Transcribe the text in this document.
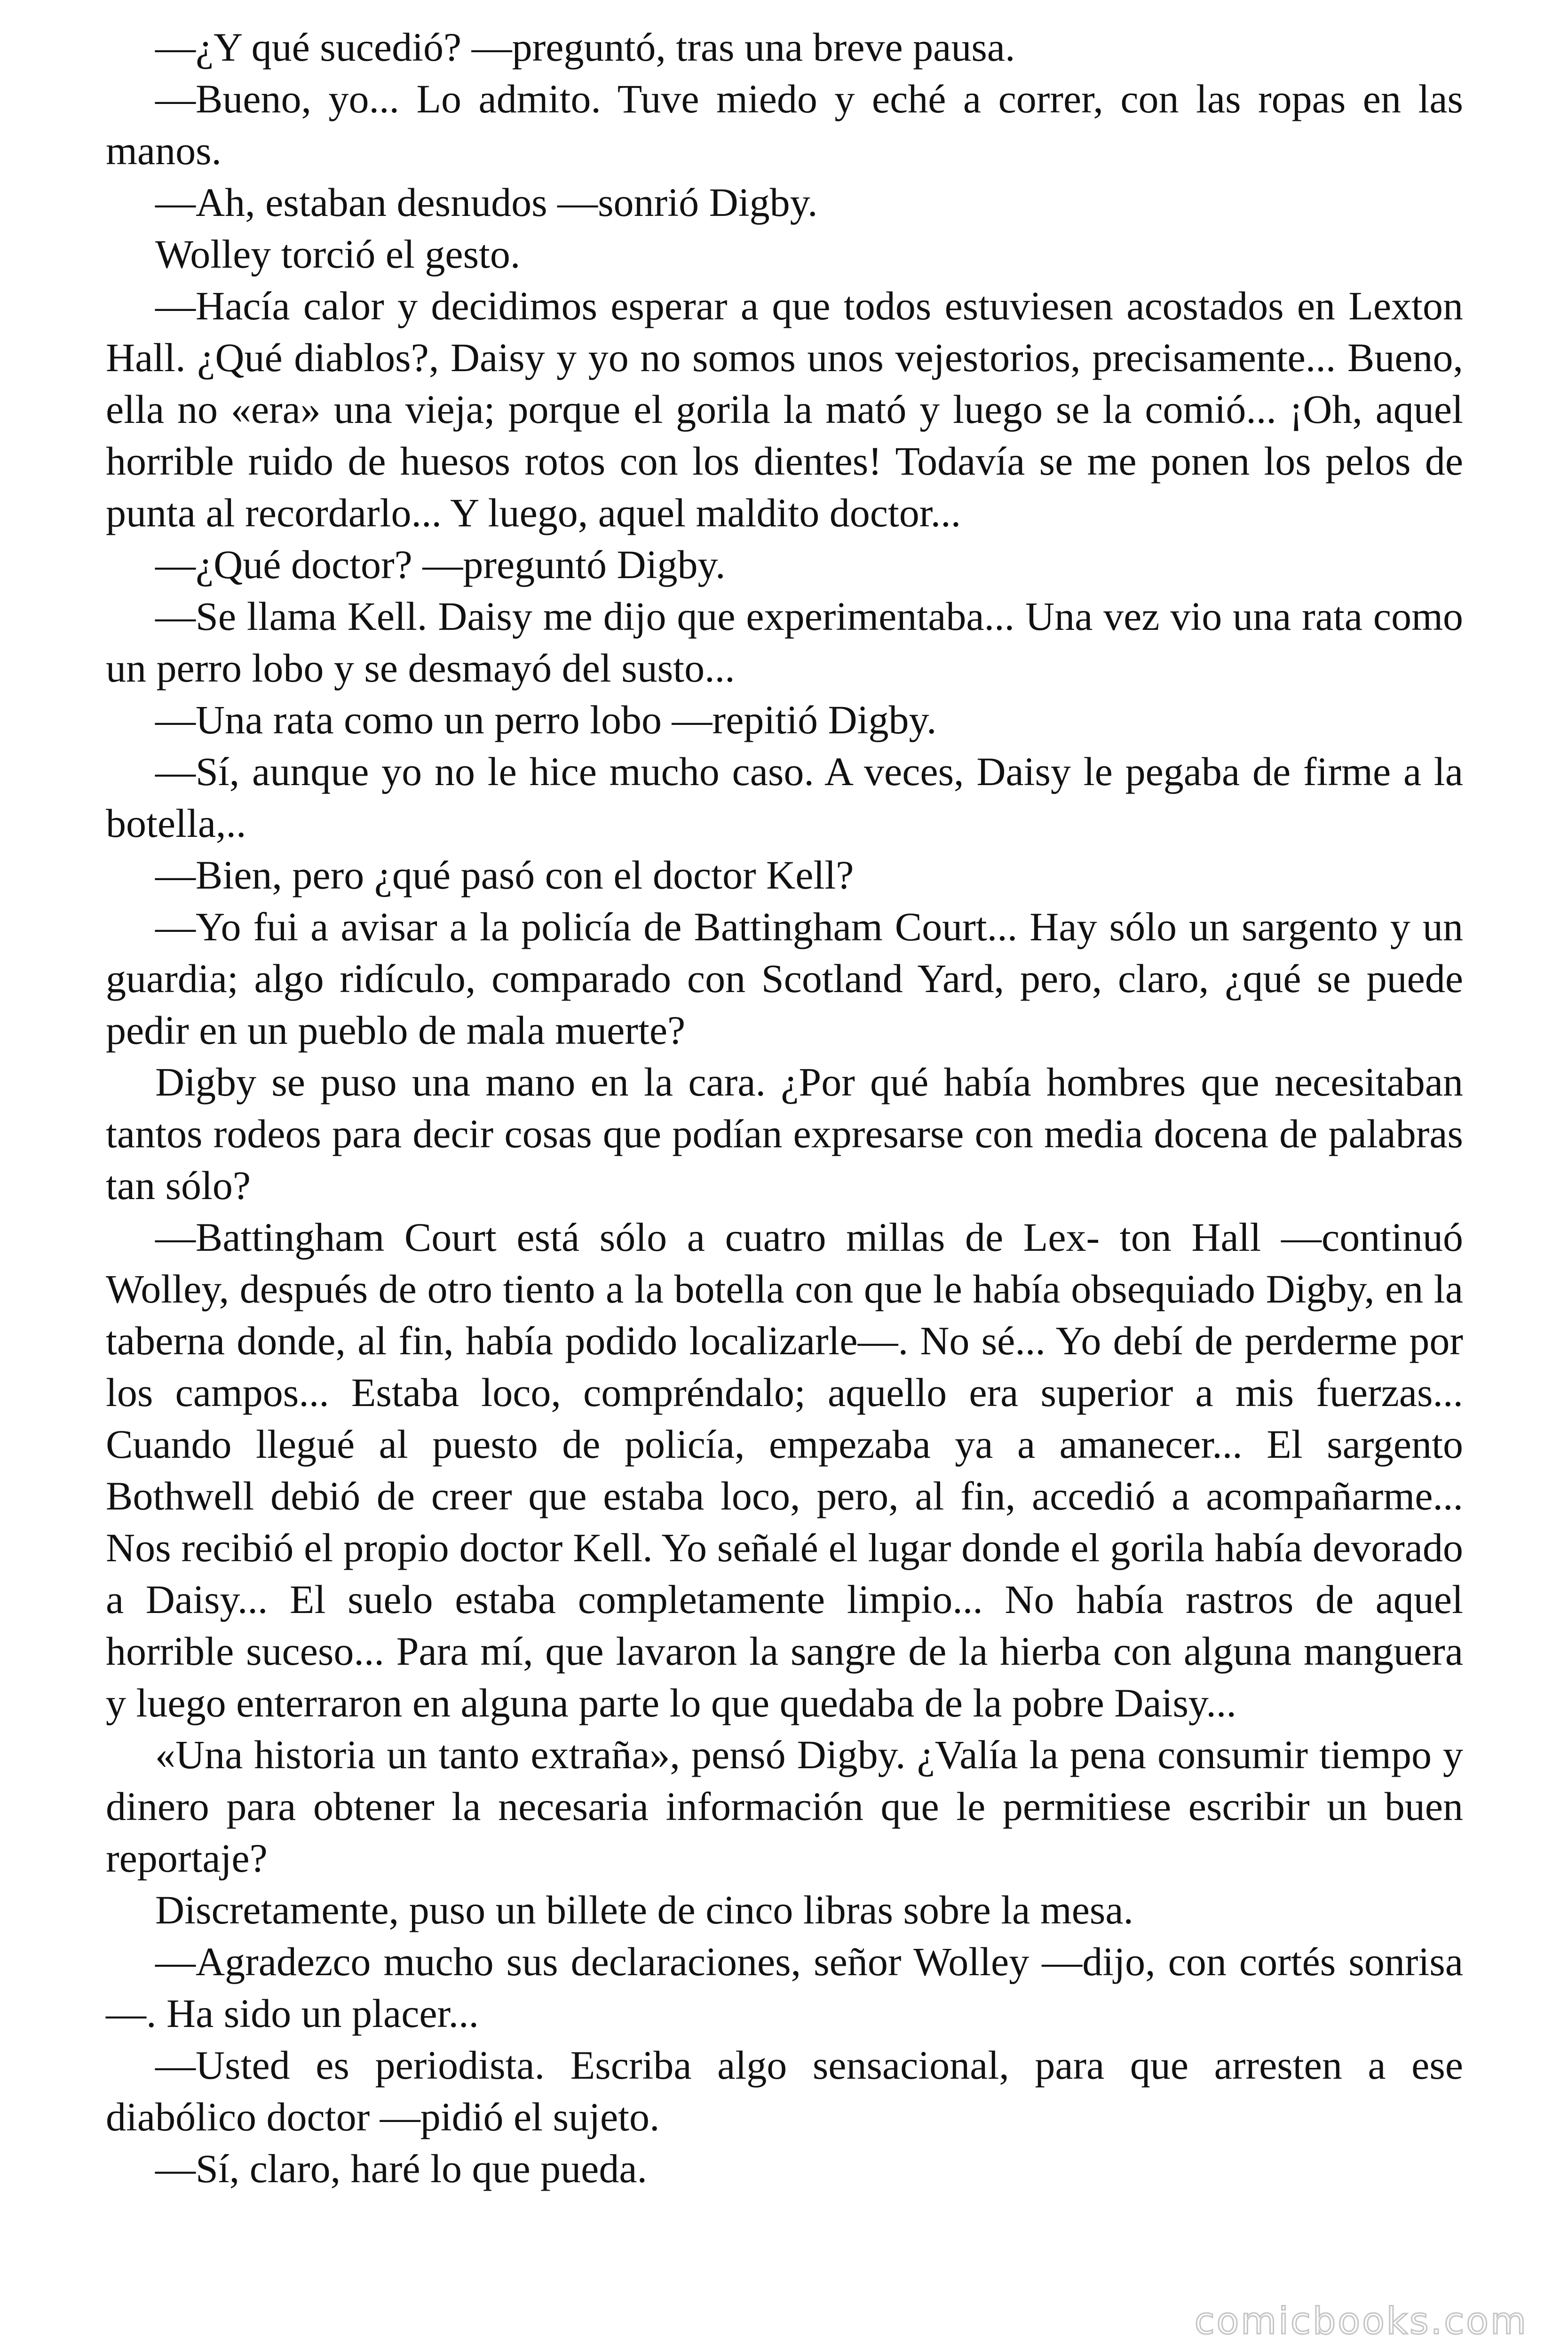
—¿Y qué sucedió? —preguntó, tras una breve pausa.

—Bueno, yo... Lo admito. Tuve miedo y eché a correr, con las ropas en las manos.

—Ah, estaban desnudos —sonrió Digby.

Wolley torció el gesto.

—Hacía calor y decidimos esperar a que todos estuviesen acostados en Lexton Hall. ¿Qué diablos?, Daisy y yo no somos unos vejestorios, precisamente... Bueno, ella no «era» una vieja; porque el gorila la mató y luego se la comió... ¡Oh, aquel horrible ruido de huesos rotos con los dientes! Todavía se me ponen los pelos de punta al recordarlo... Y luego, aquel maldito doctor...

—¿Qué doctor? —preguntó Digby.

—Se llama Kell. Daisy me dijo que experimentaba... Una vez vio una rata como un perro lobo y se desmayó del susto...

—Una rata como un perro lobo —repitió Digby.

—Sí, aunque yo no le hice mucho caso. A veces, Daisy le pegaba de firme a la botella,..

—Bien, pero ¿qué pasó con el doctor Kell?

—Yo fui a avisar a la policía de Battingham Court... Hay sólo un sargento y un guardia; algo ridículo, comparado con Scotland Yard, pero, claro, ¿qué se puede pedir en un pueblo de mala muerte?

Digby se puso una mano en la cara. ¿Por qué había hombres que necesitaban tantos rodeos para decir cosas que podían expresarse con media docena de palabras tan sólo?

—Battingham Court está sólo a cuatro millas de Lex- ton Hall —continuó Wolley, después de otro tiento a la botella con que le había obsequiado Digby, en la taberna donde, al fin, había podido localizarle—. No sé... Yo debí de perderme por los campos... Estaba loco, compréndalo; aquello era superior a mis fuerzas... Cuando llegué al puesto de policía, empezaba ya a amanecer... El sargento Bothwell debió de creer que estaba loco, pero, al fin, accedió a acompañarme... Nos recibió el propio doctor Kell. Yo señalé el lugar donde el gorila había devorado a Daisy... El suelo estaba completamente limpio... No había rastros de aquel horrible suceso... Para mí, que lavaron la sangre de la hierba con alguna manguera y luego enterraron en alguna parte lo que quedaba de la pobre Daisy...

«Una historia un tanto extraña», pensó Digby. ¿Valía la pena consumir tiempo y dinero para obtener la necesaria información que le permitiese escribir un buen reportaje?

Discretamente, puso un billete de cinco libras sobre la mesa.

—Agradezco mucho sus declaraciones, señor Wolley —dijo, con cortés sonrisa—. Ha sido un placer...

—Usted es periodista. Escriba algo sensacional, para que arresten a ese diabólico doctor —pidió el sujeto.

—Sí, claro, haré lo que pueda.

comicbooks.com
